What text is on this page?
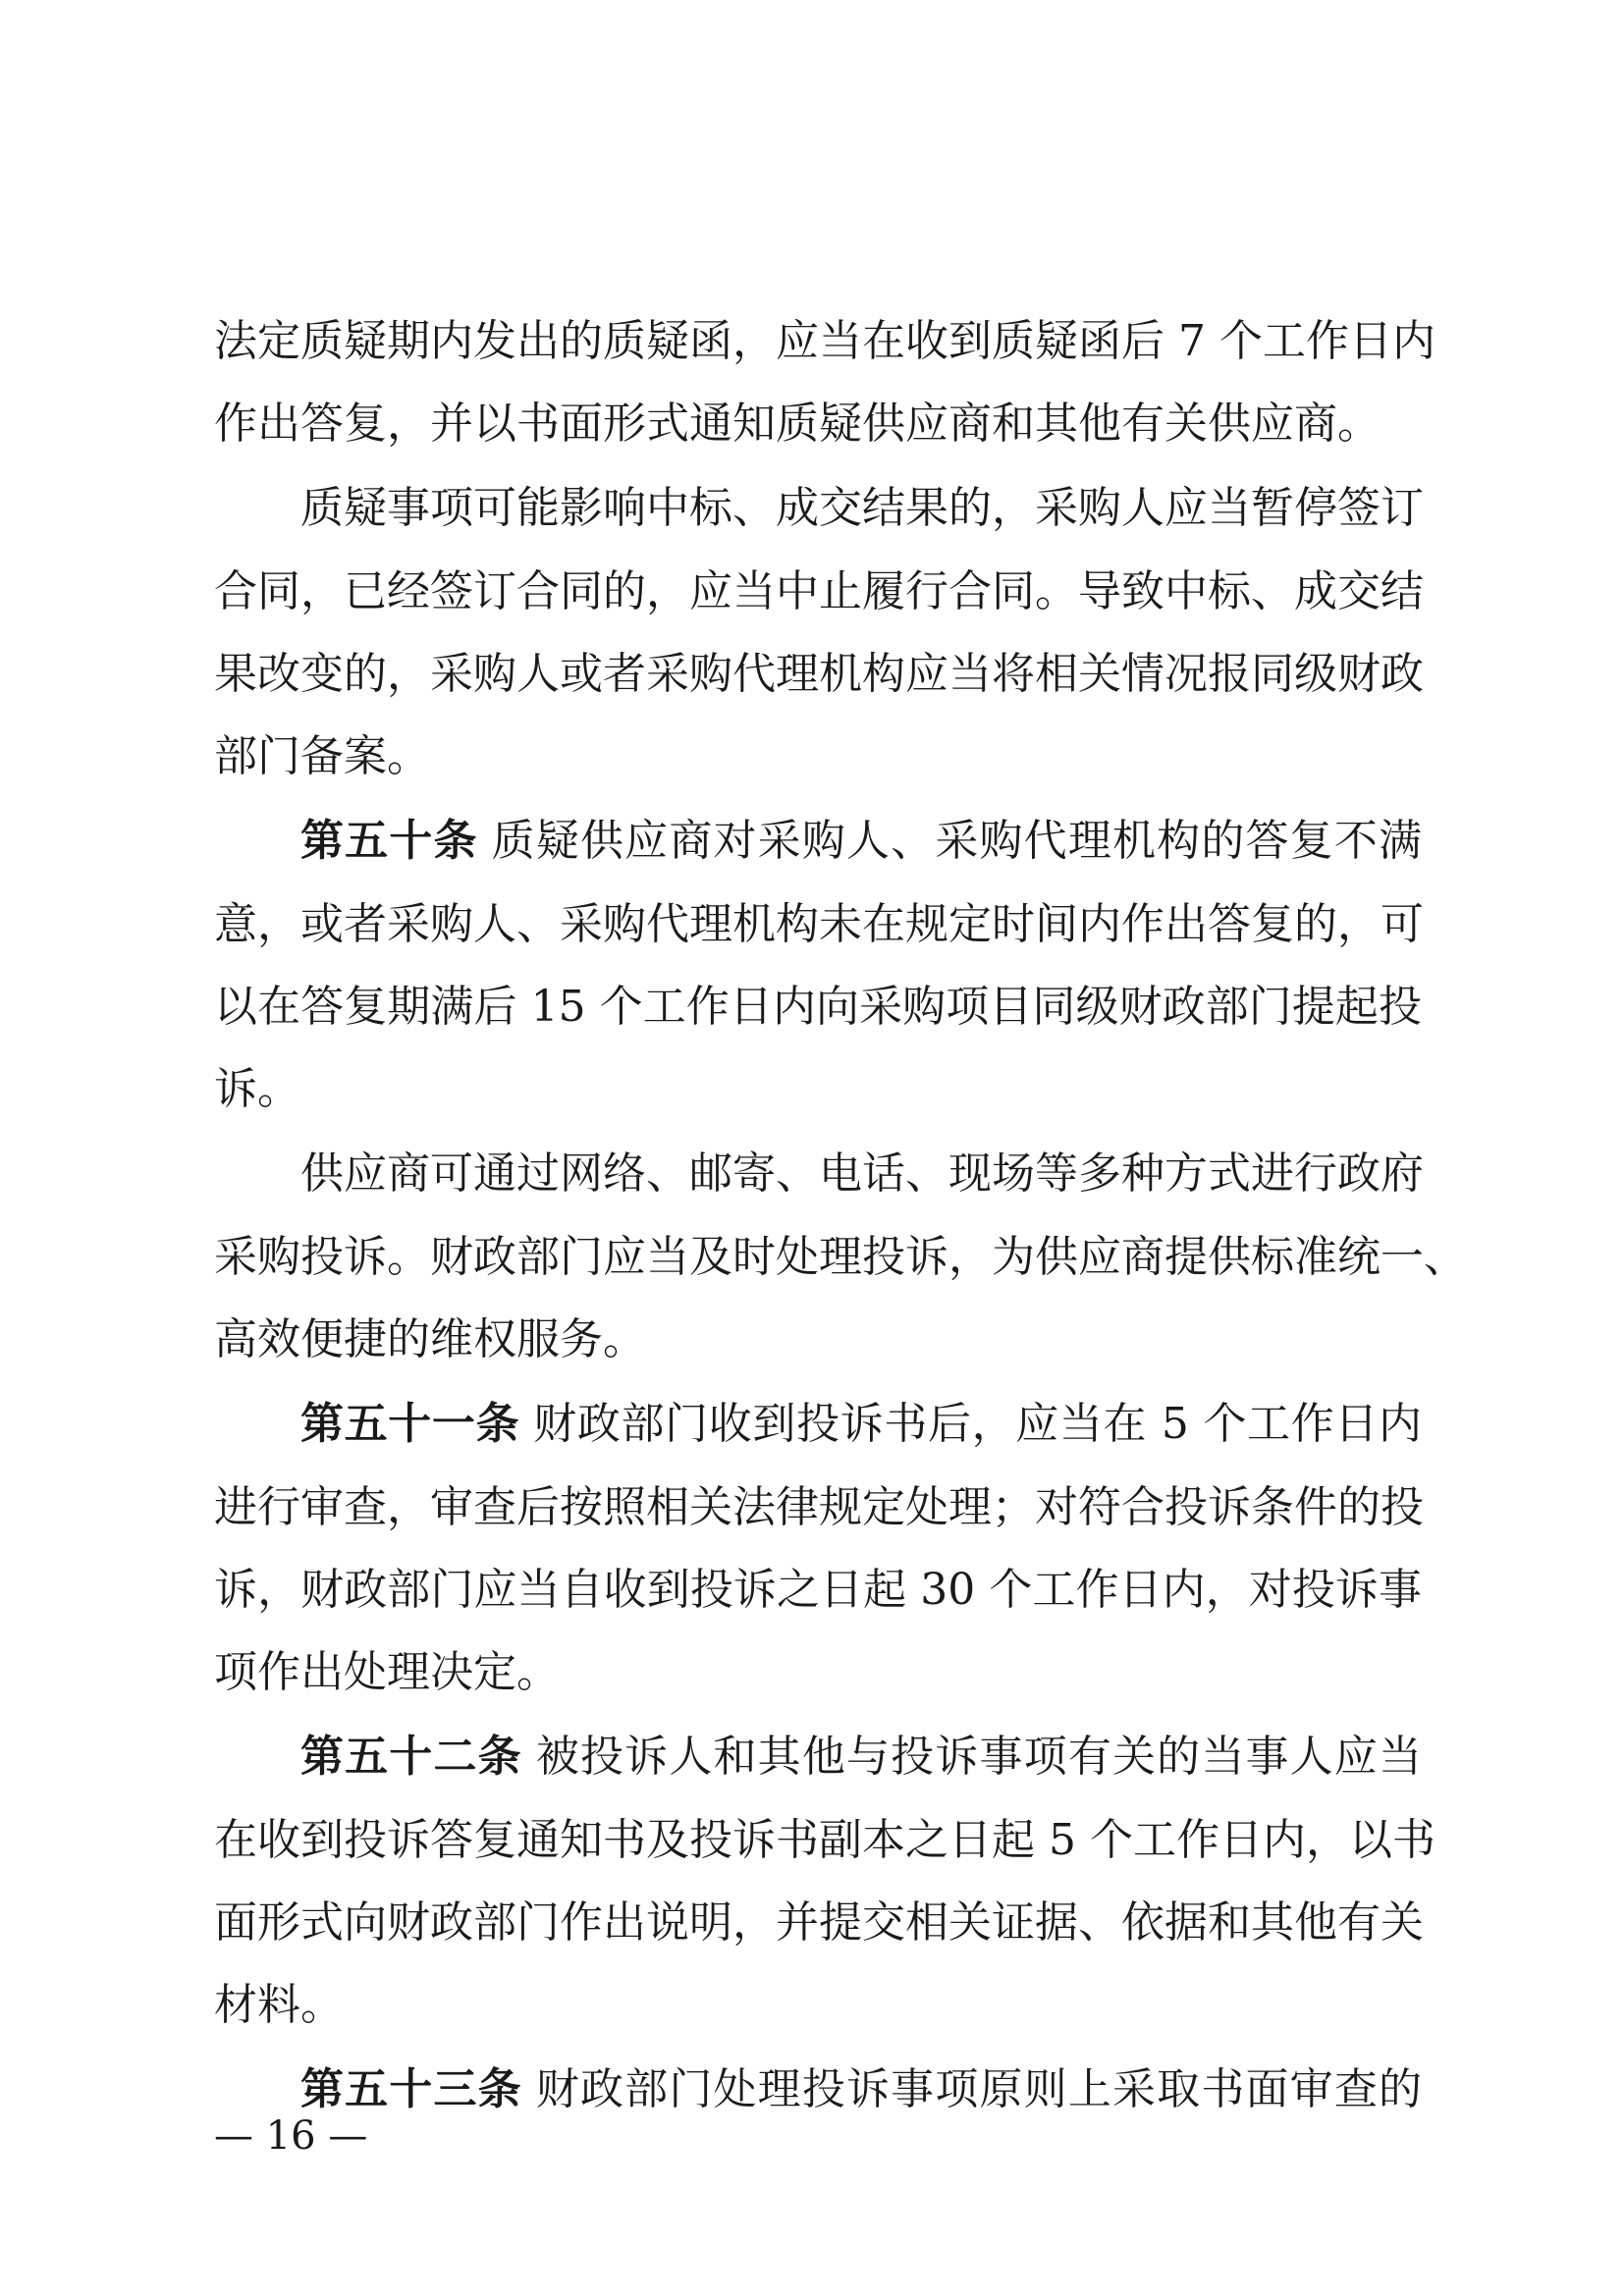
法定质疑期内发出的质疑函，应当在收到质疑函后 7 个工作日内
作出答复，并以书面形式通知质疑供应商和其他有关供应商。
质疑事项可能影响中标、成交结果的，采购人应当暂停签订
合同，已经签订合同的，应当中止履行合同。导致中标、成交结
果改变的，采购人或者采购代理机构应当将相关情况报同级财政
部门备案。
第五十条 质疑供应商对采购人、采购代理机构的答复不满
意，或者采购人、采购代理机构未在规定时间内作出答复的，可
以在答复期满后 15 个工作日内向采购项目同级财政部门提起投
诉。
供应商可通过网络、邮寄、电话、现场等多种方式进行政府
采购投诉。财政部门应当及时处理投诉，为供应商提供标准统一、
高效便捷的维权服务。
第五十一条 财政部门收到投诉书后，应当在 5 个工作日内
进行审查，审查后按照相关法律规定处理；对符合投诉条件的投
诉，财政部门应当自收到投诉之日起 30 个工作日内，对投诉事
项作出处理决定。
第五十二条 被投诉人和其他与投诉事项有关的当事人应当
在收到投诉答复通知书及投诉书副本之日起 5 个工作日内，以书
面形式向财政部门作出说明，并提交相关证据、依据和其他有关
材料。
第五十三条 财政部门处理投诉事项原则上采取书面审查的
— 16 —
